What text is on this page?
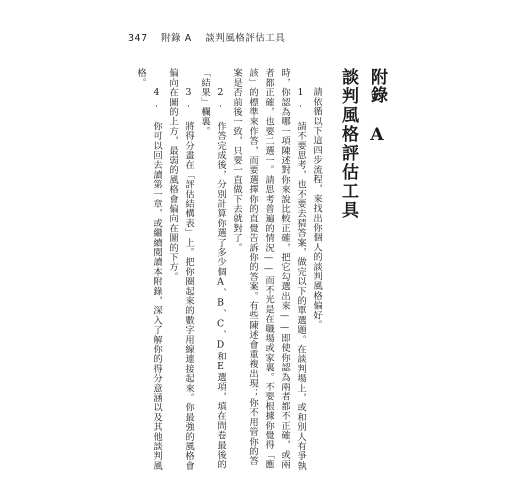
347 附錄 A 談判風格評估工具
附錄 A
談判風格評估工具

請依循以下這四步流程，來找出你個人的談判風格偏好。

1. 請不要思考，也不要去猜答案，做完以下的單選題。在談判場上，或和別人有爭執時，你認為哪一項陳述對你來說比較正確，把它勾選出來——即使你認為兩者都不正確，或兩者都正確，也要二選一。請思考普遍的情況——而不光是在職場或家裏。不要根據你覺得「應該」的標準來作答，而要選擇你的直覺告訴你的答案。有些陳述會重複出現；你不用管你的答案是否前後一致，只要一直做下去就對了。

2. 作答完成後，分別計算你選了多少個A、B、C、D和E選項，填在問卷最後的「結果」欄裏。

3. 將得分畫在「評估結構表」上。把你圈起來的數字用線連接起來。你最強的風格會偏向在圖的上方，最弱的風格會偏向在圖的下方。

4. 你可以回去讀第一章，或繼續閱讀本附錄，深入了解你的得分意涵以及其他談判風格。
